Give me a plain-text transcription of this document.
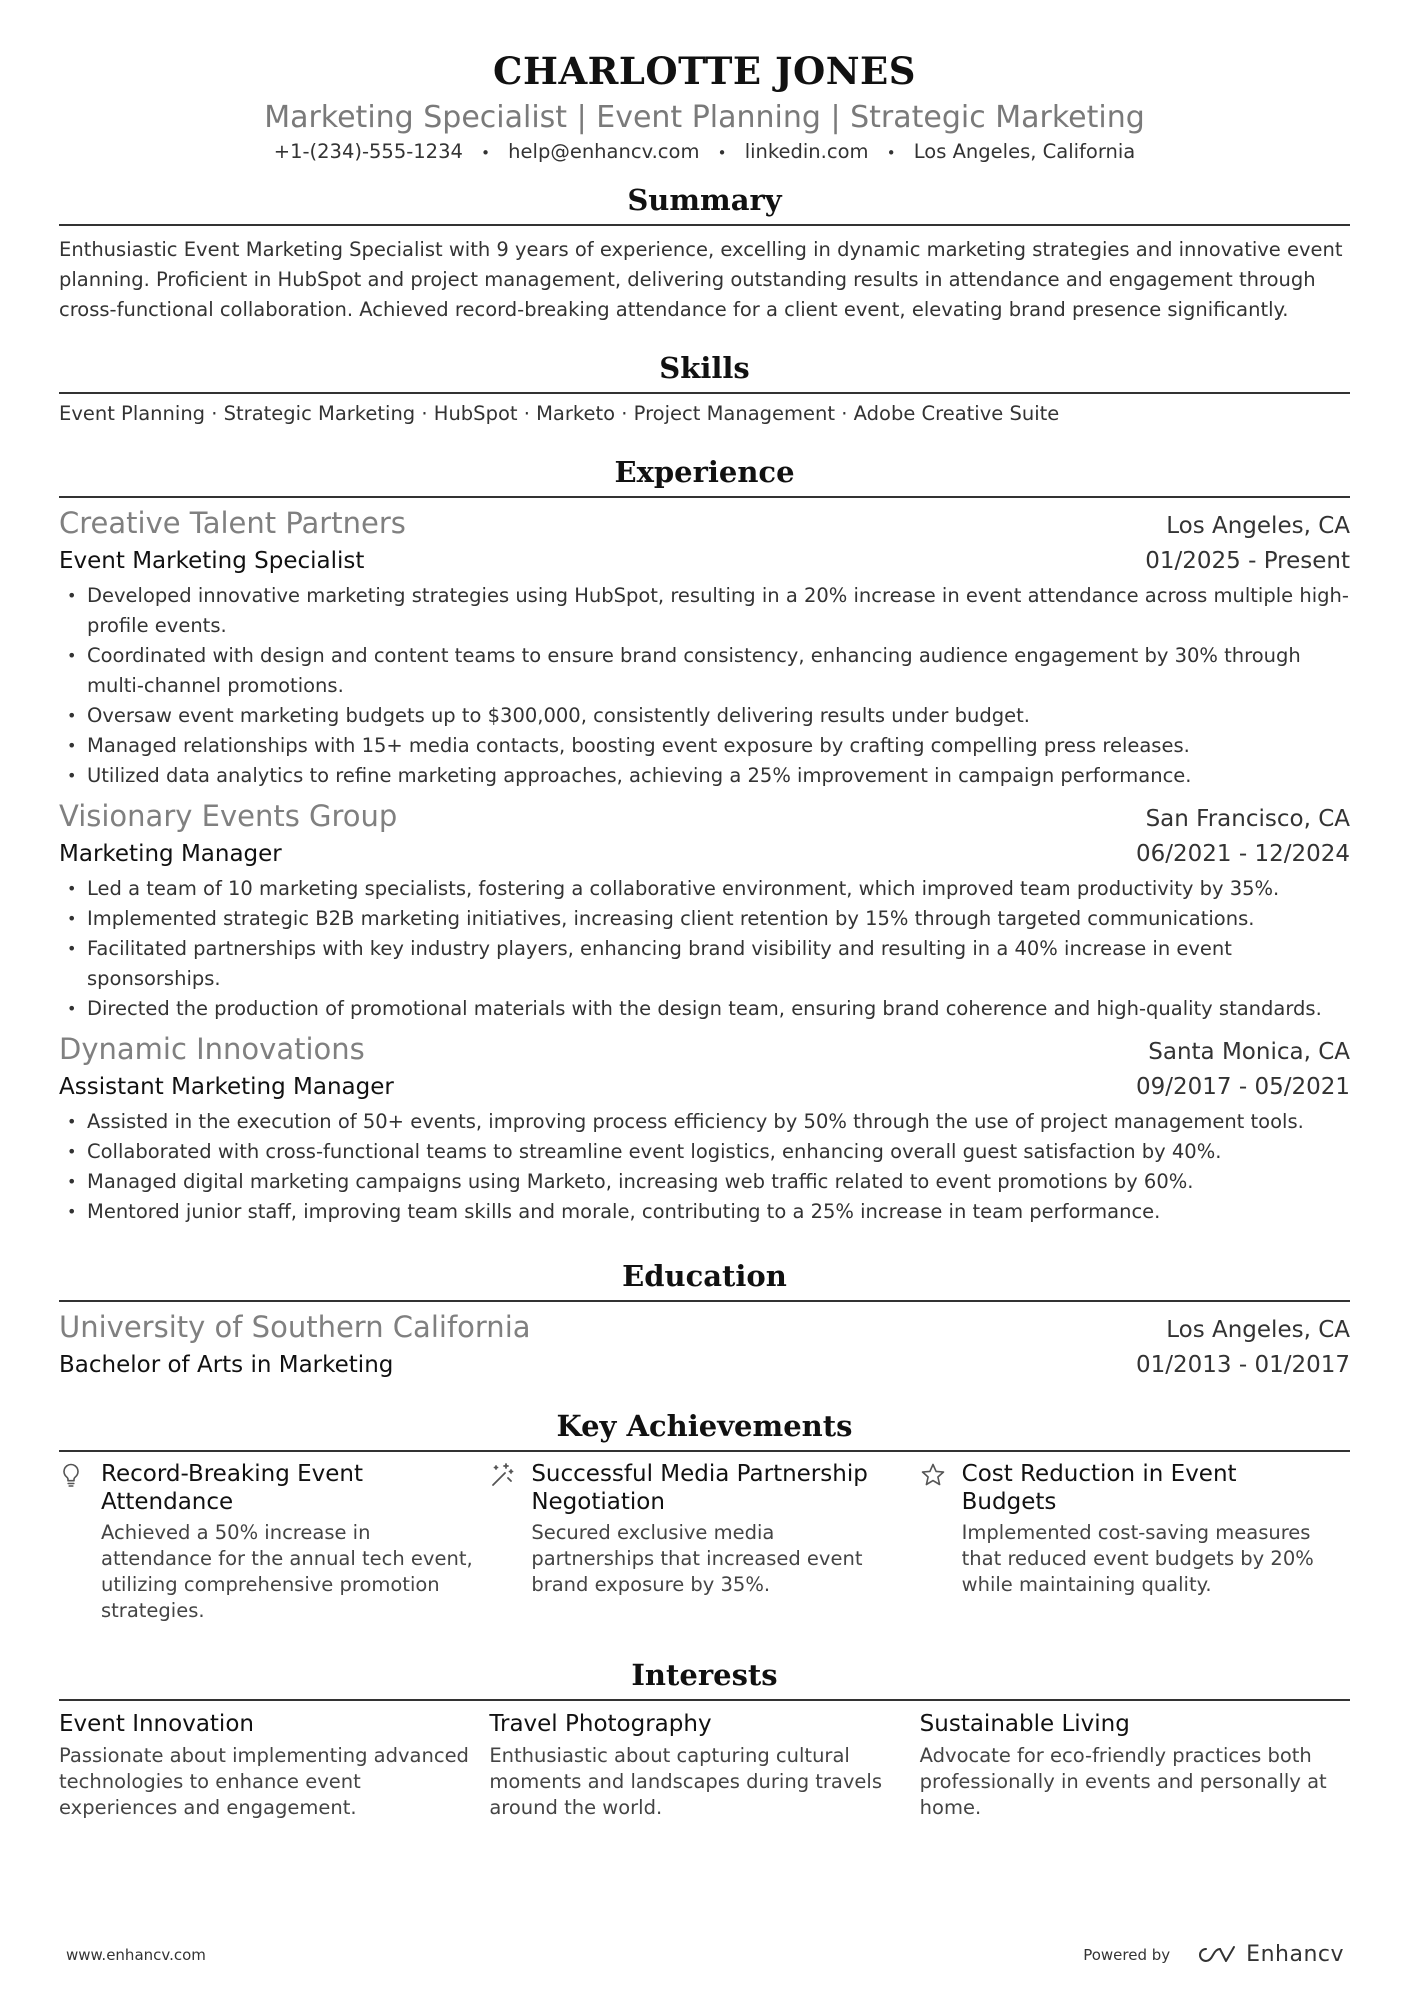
CHARLOTTE JONES
Marketing Specialist | Event Planning | Strategic Marketing
+1-(234)-555-1234 • help@enhancv.com • linkedin.com • Los Angeles, California
Summary
Enthusiastic Event Marketing Specialist with 9 years of experience, excelling in dynamic marketing strategies and innovative event planning. Proficient in HubSpot and project management, delivering outstanding results in attendance and engagement through cross-functional collaboration. Achieved record-breaking attendance for a client event, elevating brand presence significantly.
Skills
Event Planning · Strategic Marketing · HubSpot · Marketo · Project Management · Adobe Creative Suite
Experience
Creative Talent Partners	Los Angeles, CA
Event Marketing Specialist	01/2025 - Present
• Developed innovative marketing strategies using HubSpot, resulting in a 20% increase in event attendance across multiple high-profile events.
• Coordinated with design and content teams to ensure brand consistency, enhancing audience engagement by 30% through multi-channel promotions.
• Oversaw event marketing budgets up to $300,000, consistently delivering results under budget.
• Managed relationships with 15+ media contacts, boosting event exposure by crafting compelling press releases.
• Utilized data analytics to refine marketing approaches, achieving a 25% improvement in campaign performance.
Visionary Events Group	San Francisco, CA
Marketing Manager	06/2021 - 12/2024
• Led a team of 10 marketing specialists, fostering a collaborative environment, which improved team productivity by 35%.
• Implemented strategic B2B marketing initiatives, increasing client retention by 15% through targeted communications.
• Facilitated partnerships with key industry players, enhancing brand visibility and resulting in a 40% increase in event sponsorships.
• Directed the production of promotional materials with the design team, ensuring brand coherence and high-quality standards.
Dynamic Innovations	Santa Monica, CA
Assistant Marketing Manager	09/2017 - 05/2021
• Assisted in the execution of 50+ events, improving process efficiency by 50% through the use of project management tools.
• Collaborated with cross-functional teams to streamline event logistics, enhancing overall guest satisfaction by 40%.
• Managed digital marketing campaigns using Marketo, increasing web traffic related to event promotions by 60%.
• Mentored junior staff, improving team skills and morale, contributing to a 25% increase in team performance.
Education
University of Southern California	Los Angeles, CA
Bachelor of Arts in Marketing	01/2013 - 01/2017
Key Achievements
Record-Breaking Event Attendance
Achieved a 50% increase in attendance for the annual tech event, utilizing comprehensive promotion strategies.
Successful Media Partnership Negotiation
Secured exclusive media partnerships that increased event brand exposure by 35%.
Cost Reduction in Event Budgets
Implemented cost-saving measures that reduced event budgets by 20% while maintaining quality.
Interests
Event Innovation
Passionate about implementing advanced technologies to enhance event experiences and engagement.
Travel Photography
Enthusiastic about capturing cultural moments and landscapes during travels around the world.
Sustainable Living
Advocate for eco-friendly practices both professionally in events and personally at home.
www.enhancv.com	Powered by	Enhancv
